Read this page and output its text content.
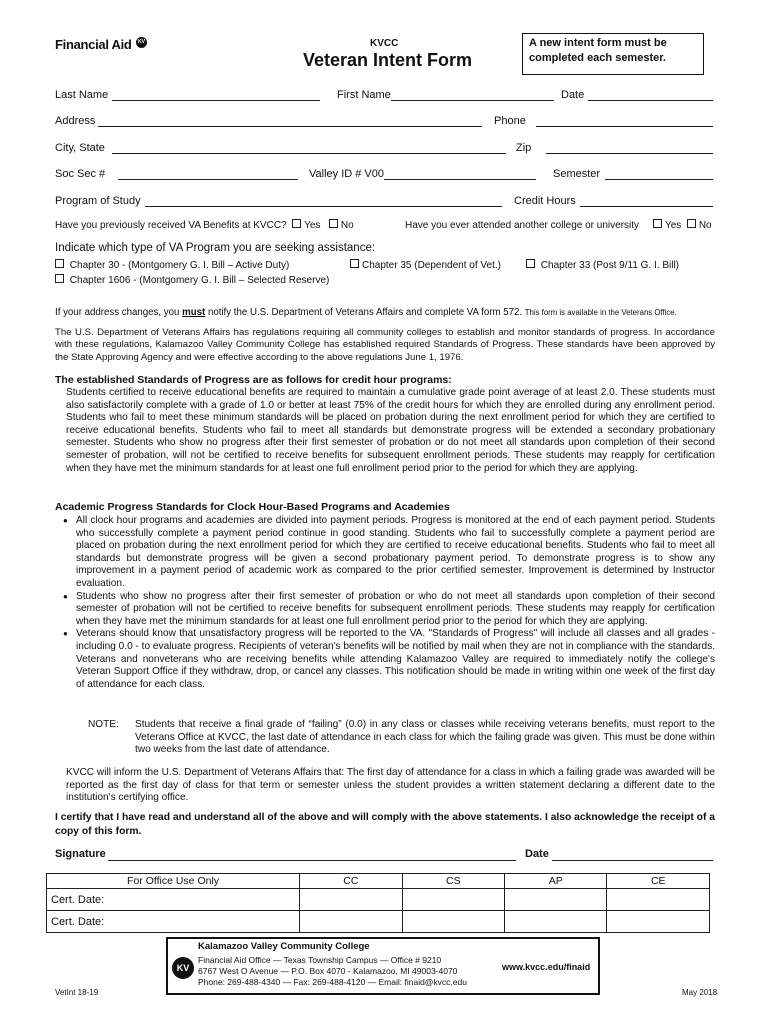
Financial Aid KV	KVCC
Veteran Intent Form
A new intent form must be completed each semester.
Last Name	First Name	Date
Address	Phone
City, State	Zip
Soc Sec #	Valley ID # V00	Semester
Program of Study	Credit Hours
Have you previously received VA Benefits at KVCC? Yes No	Have you ever attended another college or university	Yes No
Indicate which type of VA Program you are seeking assistance:
Chapter 30 - (Montgomery G. I. Bill – Active Duty)	Chapter 35 (Dependent of Vet.)	Chapter 33 (Post 9/11 G. I. Bill)
Chapter 1606 - (Montgomery G. I. Bill – Selected Reserve)
If your address changes, you must notify the U.S. Department of Veterans Affairs and complete VA form 572. This form is available in the Veterans Office.
The U.S. Department of Veterans Affairs has regulations requiring all community colleges to establish and monitor standards of progress. In accordance with these regulations, Kalamazoo Valley Community College has established required Standards of Progress. These standards have been approved by the State Approving Agency and were effective according to the above regulations June 1, 1976.
The established Standards of Progress are as follows for credit hour programs:
Students certified to receive educational benefits are required to maintain a cumulative grade point average of at least 2.0. These students must also satisfactorily complete with a grade of 1.0 or better at least 75% of the credit hours for which they are enrolled during any enrollment period. Students who fail to meet these minimum standards will be placed on probation during the next enrollment period for which they are certified to receive educational benefits. Students who fail to meet all standards but demonstrate progress will be extended a secondary probationary semester. Students who show no progress after their first semester of probation or do not meet all standards upon completion of their second semester of probation, will not be certified to receive benefits for subsequent enrollment periods. These students may reapply for certification when they have met the minimum standards for at least one full enrollment period prior to the period for which they are applying.
Academic Progress Standards for Clock Hour-Based Programs and Academies
● All clock hour programs and academies are divided into payment periods. Progress is monitored at the end of each payment period. Students who successfully complete a payment period continue in good standing. Students who fail to successfully complete a payment period are placed on probation during the next enrollment period for which they are certified to receive educational benefits. Students who fail to meet all standards but demonstrate progress will be given a second probationary payment period. To demonstrate progress is to show any improvement in a payment period of academic work as compared to the prior certified semester. Improvement is determined by Instructor evaluation.
● Students who show no progress after their first semester of probation or who do not meet all standards upon completion of their second semester of probation will not be certified to receive benefits for subsequent enrollment periods. These students may reapply for certification when they have met the minimum standards for at least one full enrollment period prior to the period for which they are applying.
● Veterans should know that unsatisfactory progress will be reported to the VA. "Standards of Progress" will include all classes and all grades - including 0.0 - to evaluate progress. Recipients of veteran's benefits will be notified by mail when they are not in compliance with the standards. Veterans and nonveterans who are receiving benefits while attending Kalamazoo Valley are required to immediately notify the college's Veteran Support Office if they withdraw, drop, or cancel any classes. This notification should be made in writing within one week of the first day of attendance for each class.
NOTE: Students that receive a final grade of “failing” (0.0) in any class or classes while receiving veterans benefits, must report to the Veterans Office at KVCC, the last date of attendance in each class for which the failing grade was given. This must be done within two weeks from the last date of attendance.
KVCC will inform the U.S. Department of Veterans Affairs that: The first day of attendance for a class in which a failing grade was awarded will be reported as the first day of class for that term or semester unless the student provides a written statement declaring a different date to the institution's certifying office.
I certify that I have read and understand all of the above and will comply with the above statements. I also acknowledge the receipt of a copy of this form.
Signature	Date
For Office Use Only	CC	CS	AP	CE
Cert. Date:				
Cert. Date:				
Kalamazoo Valley Community College
KV
Financial Aid Office — Texas Township Campus — Office # 9210
6767 West O Avenue — P.O. Box 4070 - Kalamazoo, MI 49003-4070
Phone: 269-488-4340 — Fax: 269-488-4120 — Email: finaid@kvcc.edu
www.kvcc.edu/finaid
VetInt 18-19	May 2018
